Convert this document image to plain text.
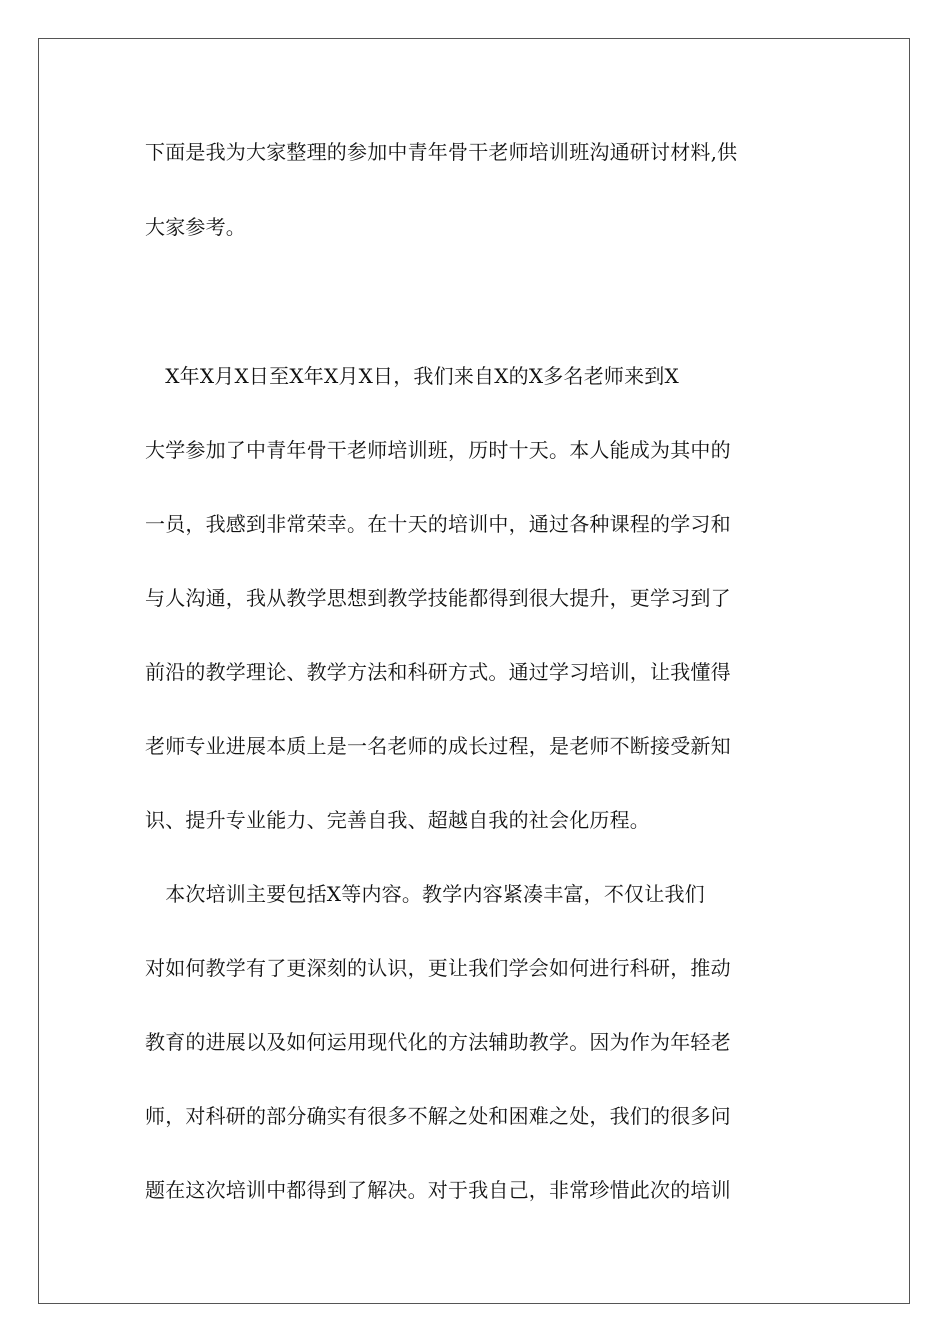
下面是我为大家整理的参加中青年骨干老师培训班沟通研讨材料,供
大家参考。
　X年X月X日至X年X月X日，我们来自X的X多名老师来到X
大学参加了中青年骨干老师培训班，历时十天。本人能成为其中的
一员，我感到非常荣幸。在十天的培训中，通过各种课程的学习和
与人沟通，我从教学思想到教学技能都得到很大提升，更学习到了
前沿的教学理论、教学方法和科研方式。通过学习培训，让我懂得
老师专业进展本质上是一名老师的成长过程，是老师不断接受新知
识、提升专业能力、完善自我、超越自我的社会化历程。
　本次培训主要包括X等内容。教学内容紧凑丰富，不仅让我们
对如何教学有了更深刻的认识，更让我们学会如何进行科研，推动
教育的进展以及如何运用现代化的方法辅助教学。因为作为年轻老
师，对科研的部分确实有很多不解之处和困难之处，我们的很多问
题在这次培训中都得到了解决。对于我自己，非常珍惜此次的培训
